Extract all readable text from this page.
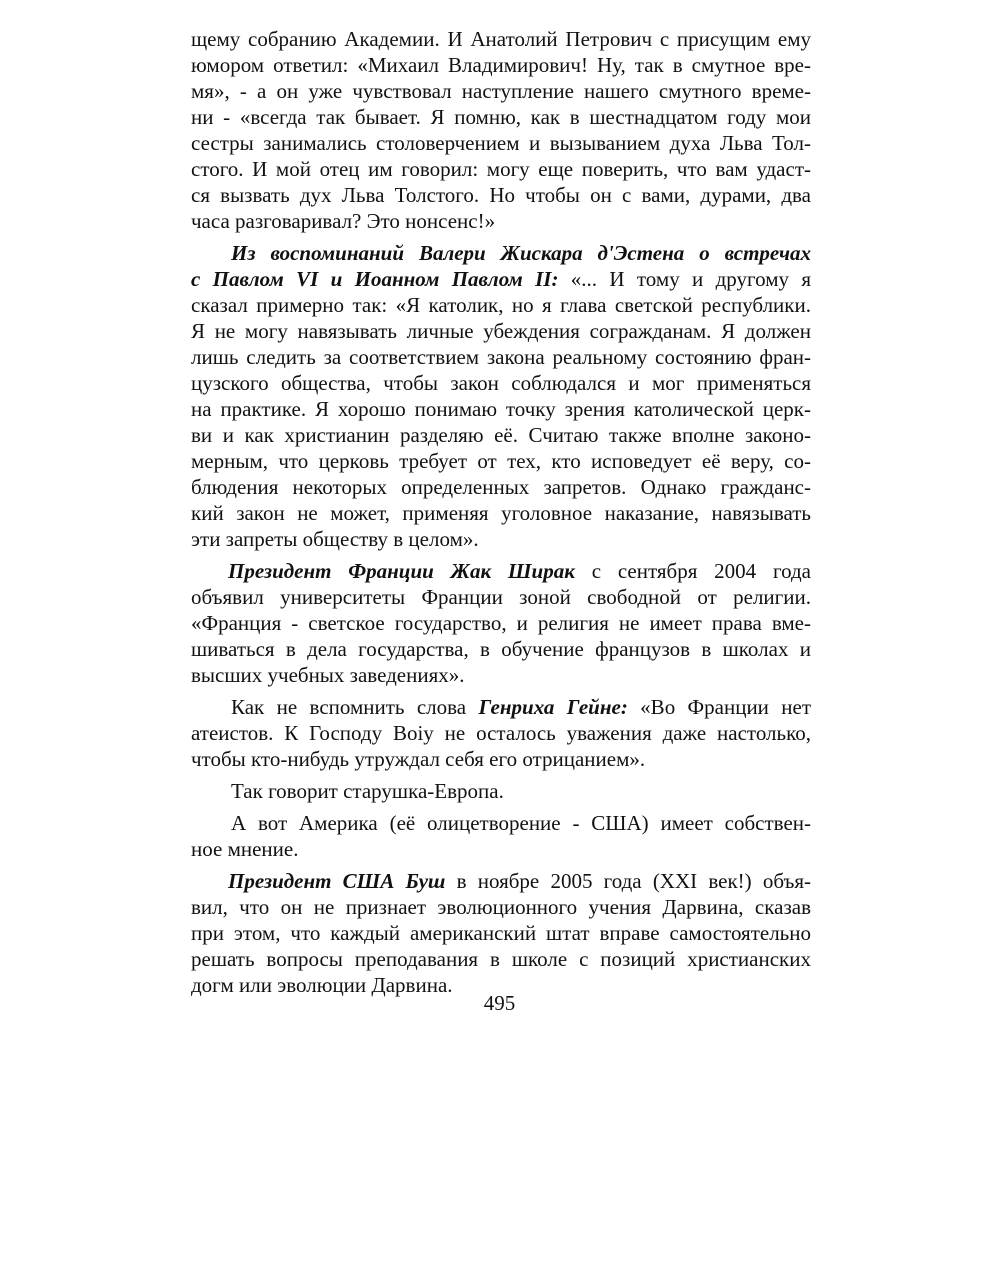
щему собранию Академии. И Анатолий Петрович с присущим ему
юмором ответил: «Михаил Владимирович! Ну, так в смутное вре-
мя», - а он уже чувствовал наступление нашего смутного време-
ни - «всегда так бывает. Я помню, как в шестнадцатом году мои
сестры занимались столоверчением и вызыванием духа Льва Тол-
стого. И мой отец им говорил: могу еще поверить, что вам удаст-
ся вызвать дух Льва Толстого. Но чтобы он с вами, дурами, два
часа разговаривал? Это нонсенс!»
Из воспоминаний Валери Жискара д'Эстена о встречах
с Павлом VI и Иоанном Павлом II: «... И тому и другому я
сказал примерно так: «Я католик, но я глава светской республики.
Я не могу навязывать личные убеждения согражданам. Я должен
лишь следить за соответствием закона реальному состоянию фран-
цузского общества, чтобы закон соблюдался и мог применяться
на практике. Я хорошо понимаю точку зрения католической церк-
ви и как христианин разделяю её. Считаю также вполне законо-
мерным, что церковь требует от тех, кто исповедует её веру, со-
блюдения некоторых определенных запретов. Однако гражданс-
кий закон не может, применяя уголовное наказание, навязывать
эти запреты обществу в целом».
Президент Франции Жак Ширак с сентября 2004 года
объявил университеты Франции зоной свободной от религии.
«Франция - светское государство, и религия не имеет права вме-
шиваться в дела государства, в обучение французов в школах и
высших учебных заведениях».
Как не вспомнить слова Генриха Гейне: «Во Франции нет
атеистов. К Господу Воiу не осталось уважения даже настолько,
чтобы кто-нибудь утруждал себя его отрицанием».
Так говорит старушка-Европа.
А вот Америка (её олицетворение - США) имеет собствен-
ное мнение.
Президент США Буш в ноябре 2005 года (XXI век!) объя-
вил, что он не признает эволюционного учения Дарвина, сказав
при этом, что каждый американский штат вправе самостоятельно
решать вопросы преподавания в школе с позиций христианских
догм или эволюции Дарвина.
495
